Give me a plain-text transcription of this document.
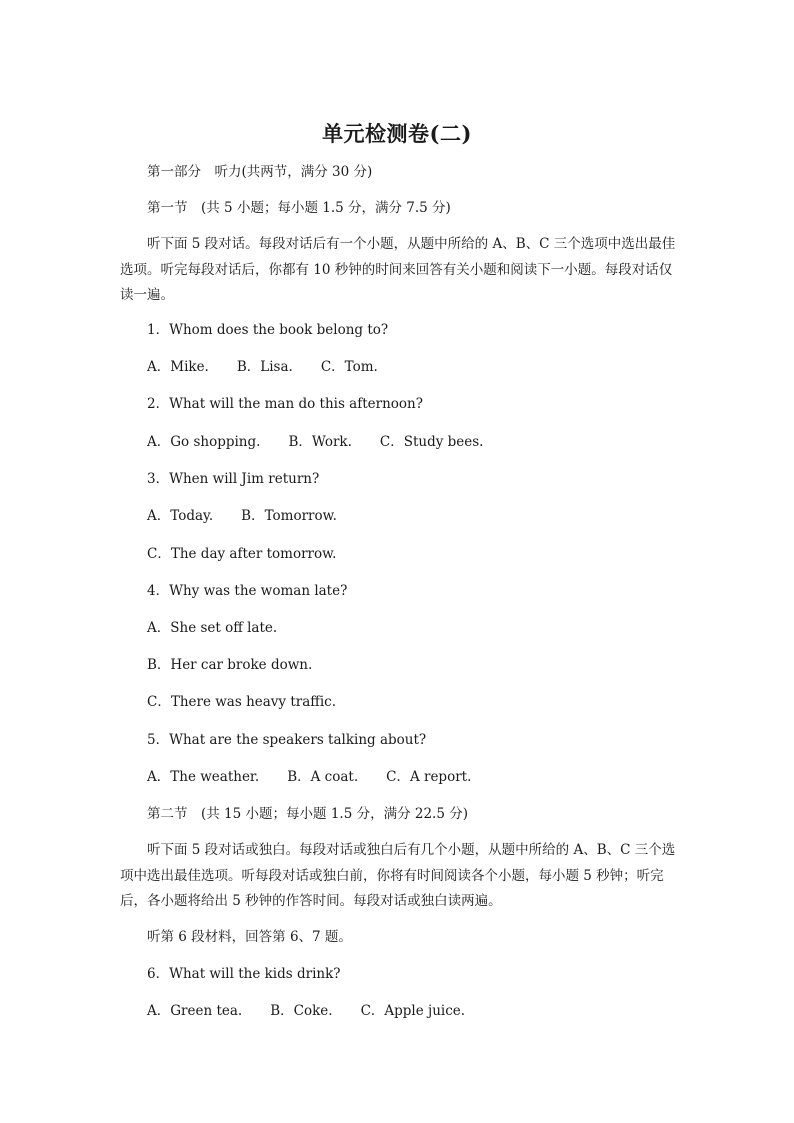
单元检测卷(二)
第一部分　听力(共两节，满分 30 分)
第一节　(共 5 小题；每小题 1.5 分，满分 7.5 分)
听下面 5 段对话。每段对话后有一个小题，从题中所给的 A、B、C 三个选项中选出最佳选项。听完每段对话后，你都有 10 秒钟的时间来回答有关小题和阅读下一小题。每段对话仅读一遍。
1．Whom does the book belong to?
A．Mike. B．Lisa. C．Tom.
2．What will the man do this afternoon?
A．Go shopping. B．Work. C．Study bees.
3．When will Jim return?
A．Today. B．Tomorrow.
C．The day after tomorrow.
4．Why was the woman late?
A．She set off late.
B．Her car broke down.
C．There was heavy traffic.
5．What are the speakers talking about?
A．The weather. B．A coat. C．A report.
第二节　(共 15 小题；每小题 1.5 分，满分 22.5 分)
听下面 5 段对话或独白。每段对话或独白后有几个小题，从题中所给的 A、B、C 三个选项中选出最佳选项。听每段对话或独白前，你将有时间阅读各个小题，每小题 5 秒钟；听完后，各小题将给出 5 秒钟的作答时间。每段对话或独白读两遍。
听第 6 段材料，回答第 6、7 题。
6．What will the kids drink?
A．Green tea. B．Coke. C．Apple juice.
